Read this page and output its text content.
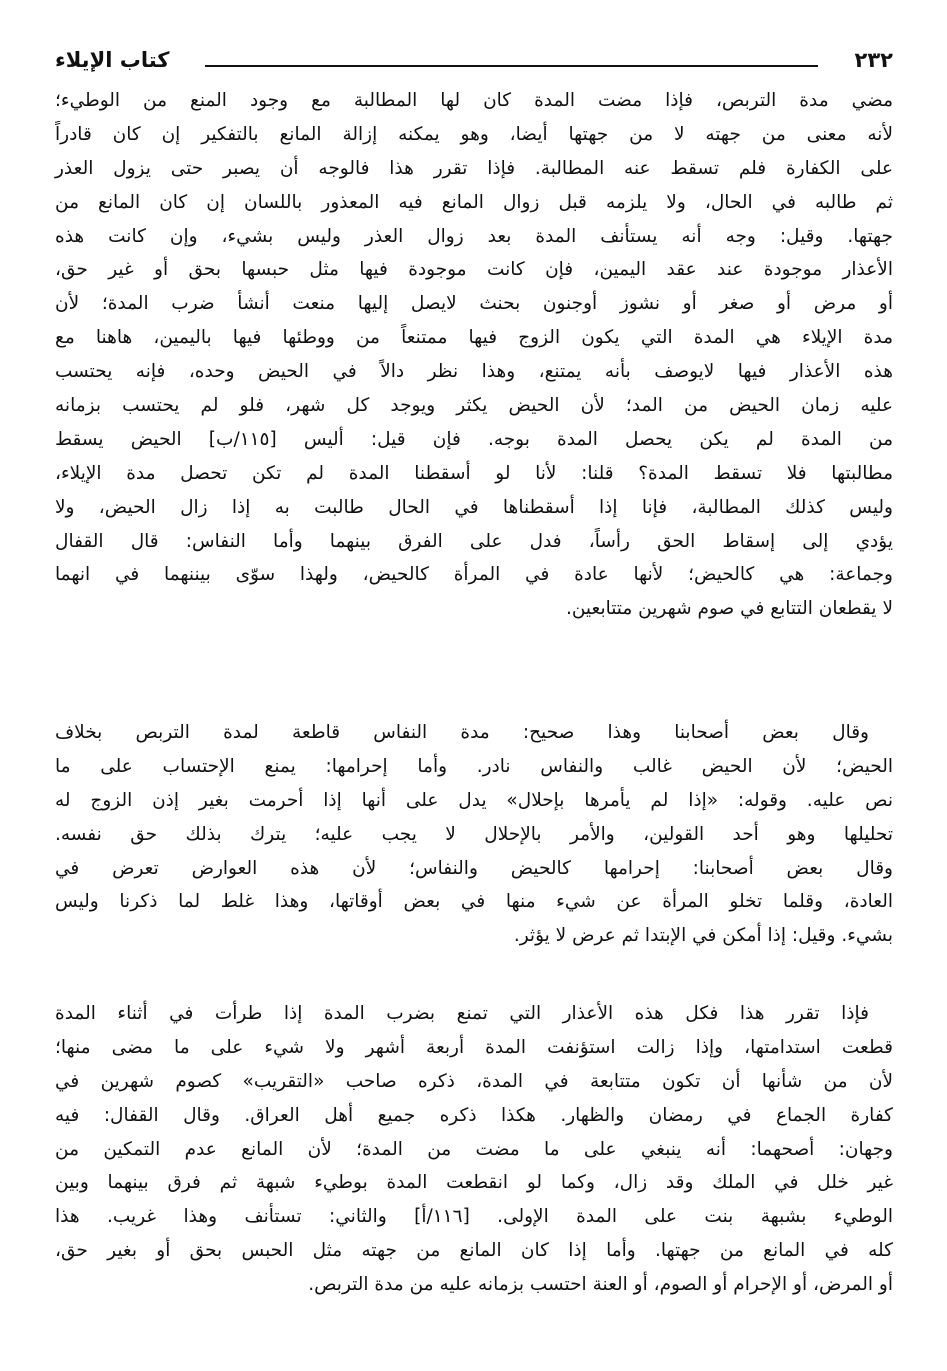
٢٣٢
كتاب الإيلاء
مضي مدة التربص، فإذا مضت المدة كان لها المطالبة مع وجود المنع من الوطيء؛
لأنه معنى من جهته لا من جهتها أيضا، وهو يمكنه إزالة المانع بالتفكير إن كان قادراً
على الكفارة فلم تسقط عنه المطالبة. فإذا تقرر هذا فالوجه أن يصبر حتى يزول العذر
ثم طالبه في الحال، ولا يلزمه قبل زوال المانع فيه المعذور باللسان إن كان المانع من
جهتها. وقيل: وجه أنه يستأنف المدة بعد زوال العذر وليس بشيء، وإن كانت هذه
الأعذار موجودة عند عقد اليمين، فإن كانت موجودة فيها مثل حبسها بحق أو غير حق،
أو مرض أو صغر أو نشوز أوجنون بحنث لايصل إليها منعت أنشأ ضرب المدة؛ لأن
مدة الإيلاء هي المدة التي يكون الزوج فيها ممتنعاً من ووطئها فيها باليمين، هاهنا مع
هذه الأعذار فيها لايوصف بأنه يمتنع، وهذا نظر دالاً في الحيض وحده، فإنه يحتسب
عليه زمان الحيض من المد؛ لأن الحيض يكثر ويوجد كل شهر، فلو لم يحتسب بزمانه
من المدة لم يكن يحصل المدة بوجه. فإن قيل: أليس [١١٥/ب] الحيض يسقط
مطالبتها فلا تسقط المدة؟ قلنا: لأنا لو أسقطنا المدة لم تكن تحصل مدة الإيلاء،
وليس كذلك المطالبة، فإنا إذا أسقطناها في الحال طالبت به إذا زال الحيض، ولا
يؤدي إلى إسقاط الحق رأساً، فدل على الفرق بينهما وأما النفاس: قال القفال
وجماعة: هي كالحيض؛ لأنها عادة في المرأة كالحيض، ولهذا سوّى بيننهما في انهما
لا يقطعان التتابع في صوم شهرين متتابعين.
وقال بعض أصحابنا وهذا صحيح: مدة النفاس قاطعة لمدة التربص بخلاف
الحيض؛ لأن الحيض غالب والنفاس نادر. وأما إحرامها: يمنع الإحتساب على ما
نص عليه. وقوله: «إذا لم يأمرها بإحلال» يدل على أنها إذا أحرمت بغير إذن الزوج له
تحليلها وهو أحد القولين، والأمر بالإحلال لا يجب عليه؛ يترك بذلك حق نفسه.
وقال بعض أصحابنا: إحرامها كالحيض والنفاس؛ لأن هذه العوارض تعرض في
العادة، وقلما تخلو المرأة عن شيء منها في بعض أوقاتها، وهذا غلط لما ذكرنا وليس
بشيء. وقيل: إذا أمكن في الإبتدا ثم عرض لا يؤثر.
فإذا تقرر هذا فكل هذه الأعذار التي تمنع بضرب المدة إذا طرأت في أثناء المدة
قطعت استدامتها، وإذا زالت استؤنفت المدة أربعة أشهر ولا شيء على ما مضى منها؛
لأن من شأنها أن تكون متتابعة في المدة، ذكره صاحب «التقريب» كصوم شهرين في
كفارة الجماع في رمضان والظهار. هكذا ذكره جميع أهل العراق. وقال القفال: فيه
وجهان: أصحهما: أنه ينبغي على ما مضت من المدة؛ لأن المانع عدم التمكين من
غير خلل في الملك وقد زال، وكما لو انقطعت المدة بوطيء شبهة ثم فرق بينهما وبين
الوطيء بشبهة بنت على المدة الإولى. [١١٦/أ] والثاني: تستأنف وهذا غريب. هذا
كله في المانع من جهتها. وأما إذا كان المانع من جهته مثل الحبس بحق أو بغير حق،
أو المرض، أو الإحرام أو الصوم، أو العنة احتسب بزمانه عليه من مدة التربص.
